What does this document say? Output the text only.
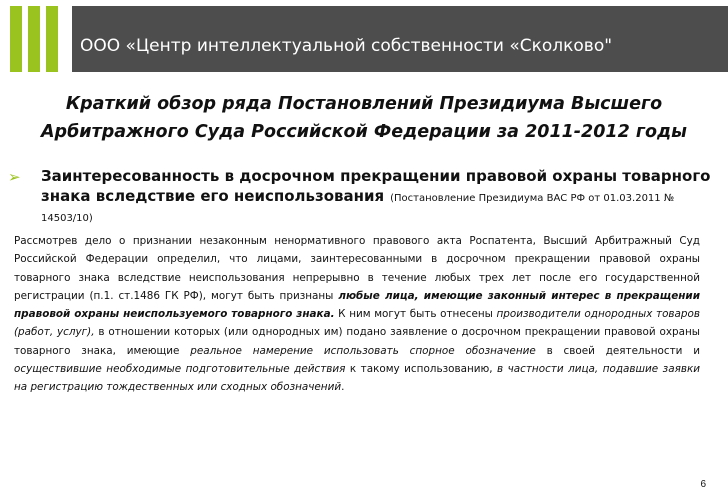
ООО «Центр интеллектуальной собственности «Сколково"
Краткий обзор ряда Постановлений Президиума Высшего
Арбитражного Суда Российской Федерации за 2011-2012 годы
➢ Заинтересованность в досрочном прекращении правовой охраны товарного знака вследствие его неиспользования (Постановление Президиума ВАС РФ от 01.03.2011 № 14503/10)
Рассмотрев дело о признании незаконным ненормативного правового акта Роспатента, Высший Арбитражный Суд Российской Федерации определил, что лицами, заинтересованными в досрочном прекращении правовой охраны товарного знака вследствие неиспользования непрерывно в течение любых трех лет после его государственной регистрации (п.1. ст.1486 ГК РФ), могут быть признаны любые лица, имеющие законный интерес в прекращении правовой охраны неиспользуемого товарного знака. К ним могут быть отнесены производители однородных товаров (работ, услуг), в отношении которых (или однородных им) подано заявление о досрочном прекращении правовой охраны товарного знака, имеющие реальное намерение использовать спорное обозначение в своей деятельности и осуществившие необходимые подготовительные действия к такому использованию, в частности лица, подавшие заявки на регистрацию тождественных или сходных обозначений.
6
